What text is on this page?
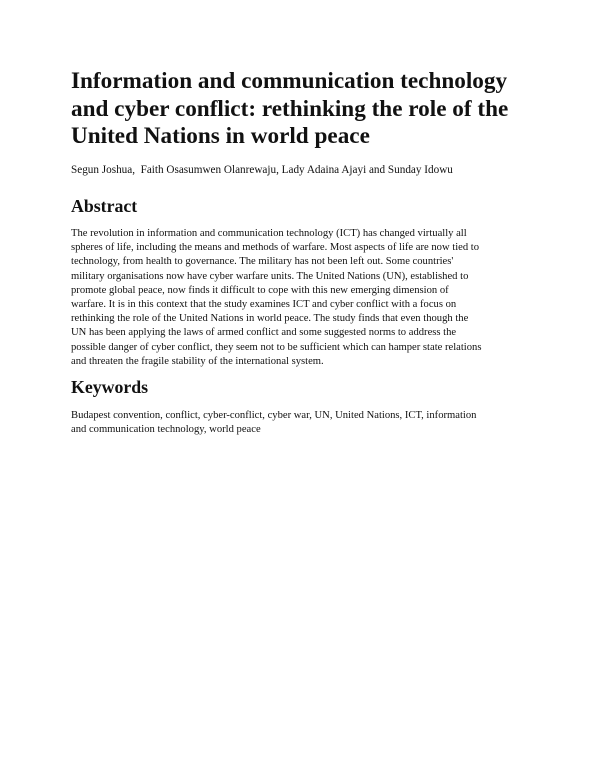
Information and communication technology
and cyber conflict: rethinking the role of the
United Nations in world peace

Segun Joshua,  Faith Osasumwen Olanrewaju, Lady Adaina Ajayi and Sunday Idowu

Abstract

The revolution in information and communication technology (ICT) has changed virtually all
spheres of life, including the means and methods of warfare. Most aspects of life are now tied to
technology, from health to governance. The military has not been left out. Some countries'
military organisations now have cyber warfare units. The United Nations (UN), established to
promote global peace, now finds it difficult to cope with this new emerging dimension of
warfare. It is in this context that the study examines ICT and cyber conflict with a focus on
rethinking the role of the United Nations in world peace. The study finds that even though the
UN has been applying the laws of armed conflict and some suggested norms to address the
possible danger of cyber conflict, they seem not to be sufficient which can hamper state relations
and threaten the fragile stability of the international system.

Keywords

Budapest convention, conflict, cyber-conflict, cyber war, UN, United Nations, ICT, information
and communication technology, world peace
